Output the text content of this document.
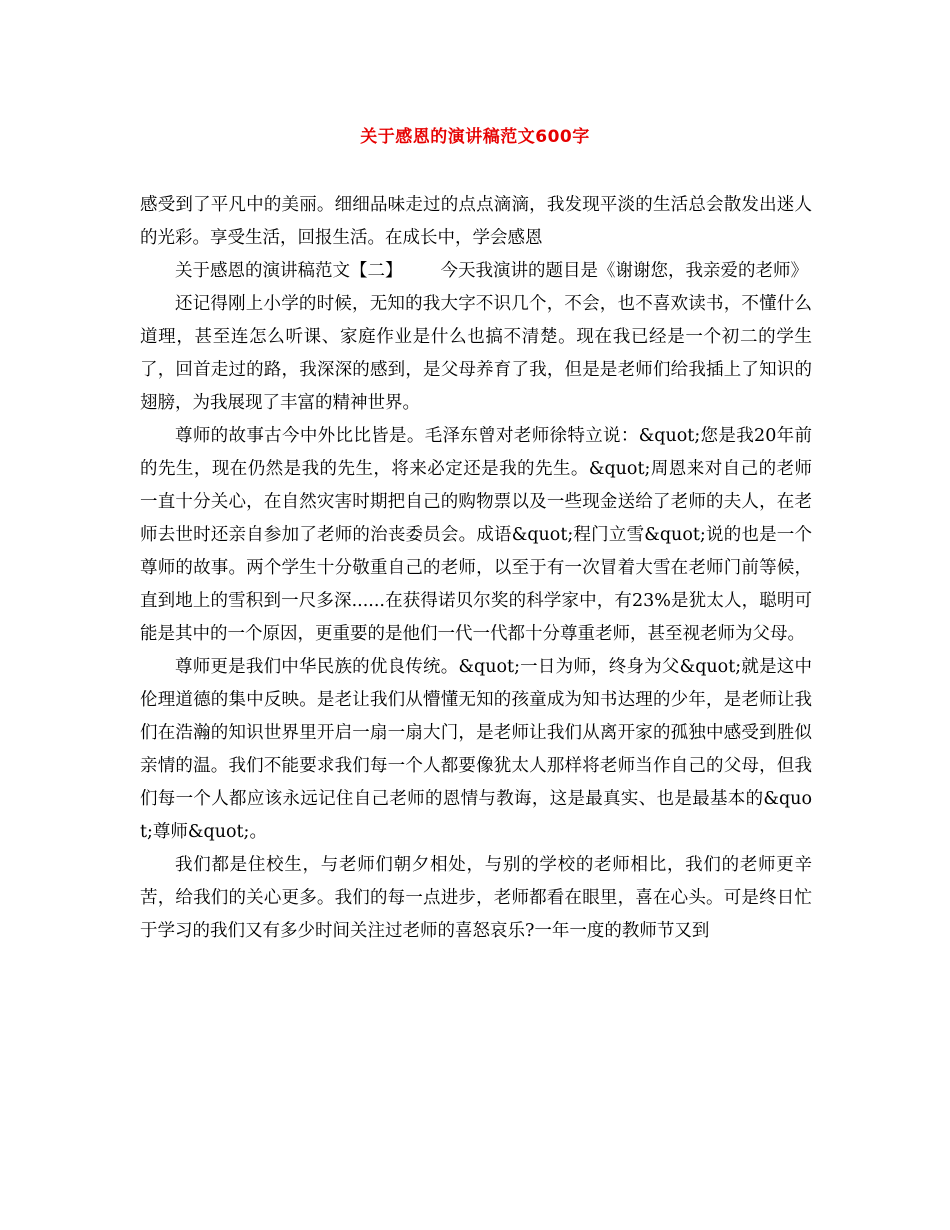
关于感恩的演讲稿范文600字

感受到了平凡中的美丽。细细品味走过的点点滴滴，我发现平淡的生活总会散发出迷人的光彩。享受生活，回报生活。在成长中，学会感恩

关于感恩的演讲稿范文【二】 今天我演讲的题目是《谢谢您，我亲爱的老师》

还记得刚上小学的时候，无知的我大字不识几个，不会，也不喜欢读书，不懂什么道理，甚至连怎么听课、家庭作业是什么也搞不清楚。现在我已经是一个初二的学生了，回首走过的路，我深深的感到，是父母养育了我，但是是老师们给我插上了知识的翅膀，为我展现了丰富的精神世界。

尊师的故事古今中外比比皆是。毛泽东曾对老师徐特立说：&quot;您是我20年前的先生，现在仍然是我的先生，将来必定还是我的先生。&quot;周恩来对自己的老师一直十分关心，在自然灾害时期把自己的购物票以及一些现金送给了老师的夫人，在老师去世时还亲自参加了老师的治丧委员会。成语&quot;程门立雪&quot;说的也是一个尊师的故事。两个学生十分敬重自己的老师，以至于有一次冒着大雪在老师门前等候，直到地上的雪积到一尺多深......在获得诺贝尔奖的科学家中，有23%是犹太人，聪明可能是其中的一个原因，更重要的是他们一代一代都十分尊重老师，甚至视老师为父母。

尊师更是我们中华民族的优良传统。&quot;一日为师，终身为父&quot;就是这中伦理道德的集中反映。是老让我们从懵懂无知的孩童成为知书达理的少年，是老师让我们在浩瀚的知识世界里开启一扇一扇大门，是老师让我们从离开家的孤独中感受到胜似亲情的温。我们不能要求我们每一个人都要像犹太人那样将老师当作自己的父母，但我们每一个人都应该永远记住自己老师的恩情与教诲，这是最真实、也是最基本的&quot;尊师&quot;。

我们都是住校生，与老师们朝夕相处，与别的学校的老师相比，我们的老师更辛苦，给我们的关心更多。我们的每一点进步，老师都看在眼里，喜在心头。可是终日忙于学习的我们又有多少时间关注过老师的喜怒哀乐?一年一度的教师节又到
